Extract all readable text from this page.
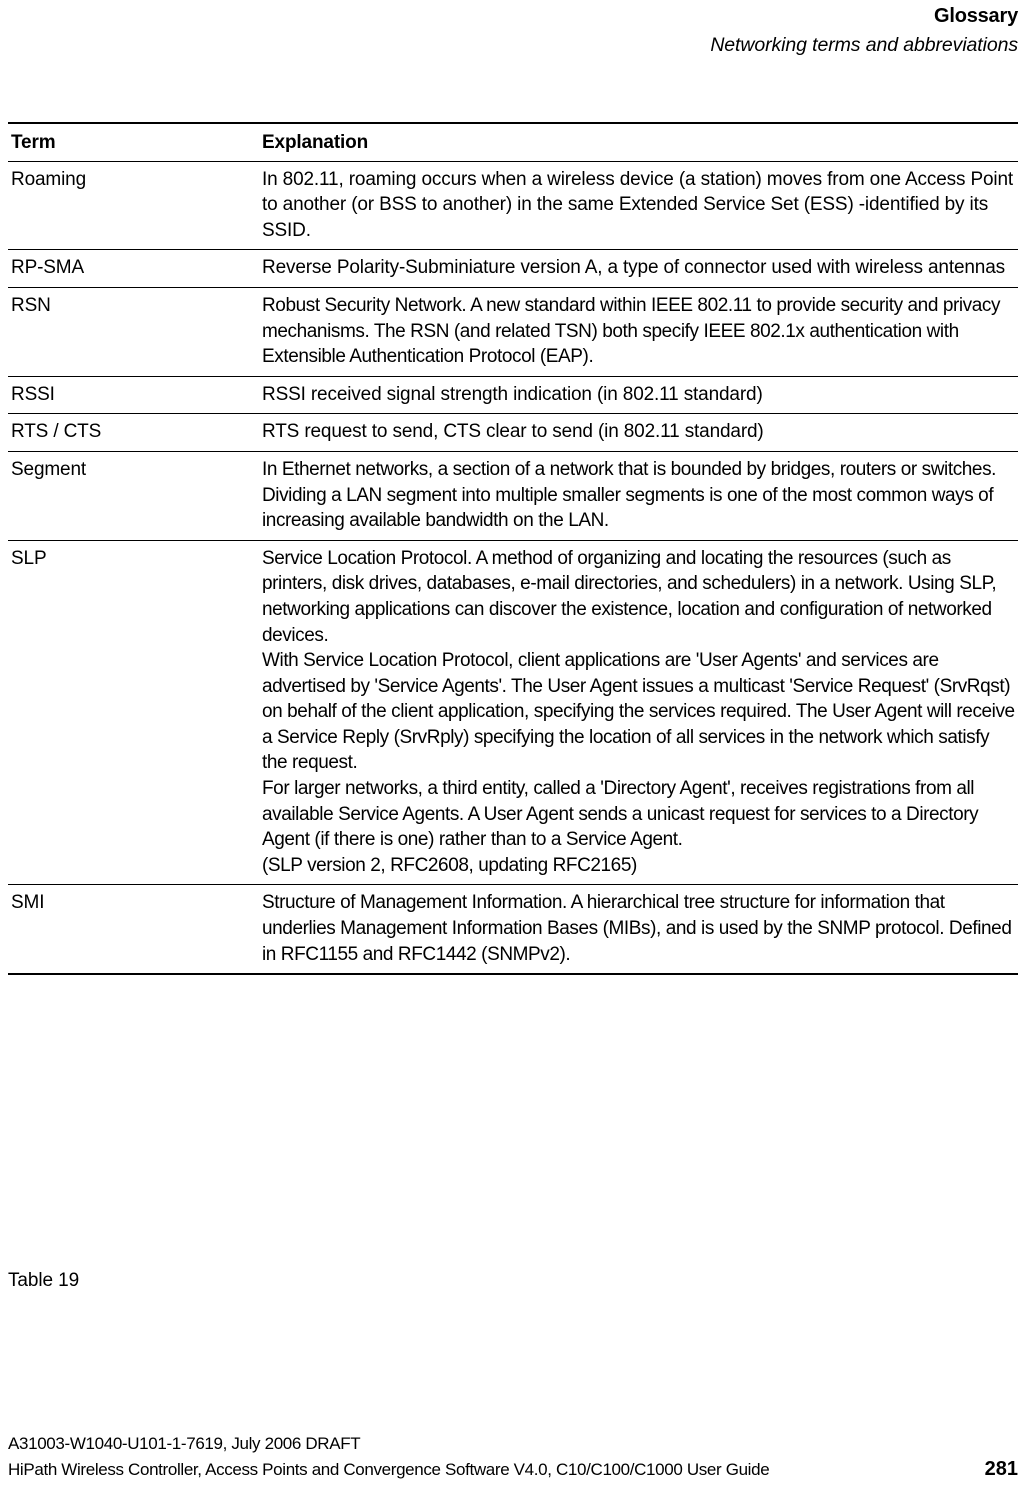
Glossary
Networking terms and abbreviations
Term	Explanation
Roaming	In 802.11, roaming occurs when a wireless device (a station) moves from one Access Point to another (or BSS to another) in the same Extended Service Set (ESS) -identified by its SSID.

RP-SMA	Reverse Polarity-Subminiature version A, a type of connector used with wireless antennas

RSN	Robust Security Network. A new standard within IEEE 802.11 to provide security and privacy mechanisms. The RSN (and related TSN) both specify IEEE 802.1x authentication with Extensible Authentication Protocol (EAP).

RSSI	RSSI received signal strength indication (in 802.11 standard)

RTS / CTS	RTS request to send, CTS clear to send (in 802.11 standard)

Segment	In Ethernet networks, a section of a network that is bounded by bridges, routers or switches. Dividing a LAN segment into multiple smaller segments is one of the most common ways of increasing available bandwidth on the LAN.

SLP	Service Location Protocol. A method of organizing and locating the resources (such as printers, disk drives, databases, e-mail directories, and schedulers) in a network. Using SLP, networking applications can discover the existence, location and configuration of networked devices.

With Service Location Protocol, client applications are 'User Agents' and services are advertised by 'Service Agents'. The User Agent issues a multicast 'Service Request' (SrvRqst) on behalf of the client application, specifying the services required. The User Agent will receive a Service Reply (SrvRply) specifying the location of all services in the network which satisfy the request.

For larger networks, a third entity, called a 'Directory Agent', receives registrations from all available Service Agents. A User Agent sends a unicast request for services to a Directory Agent (if there is one) rather than to a Service Agent.

(SLP version 2, RFC2608, updating RFC2165)

SMI	Structure of Management Information. A hierarchical tree structure for information that underlies Management Information Bases (MIBs), and is used by the SNMP protocol. Defined in RFC1155 and RFC1442 (SNMPv2).

Table 19
A31003-W1040-U101-1-7619, July 2006 DRAFT
HiPath Wireless Controller, Access Points and Convergence Software V4.0, C10/C100/C1000 User Guide	281
